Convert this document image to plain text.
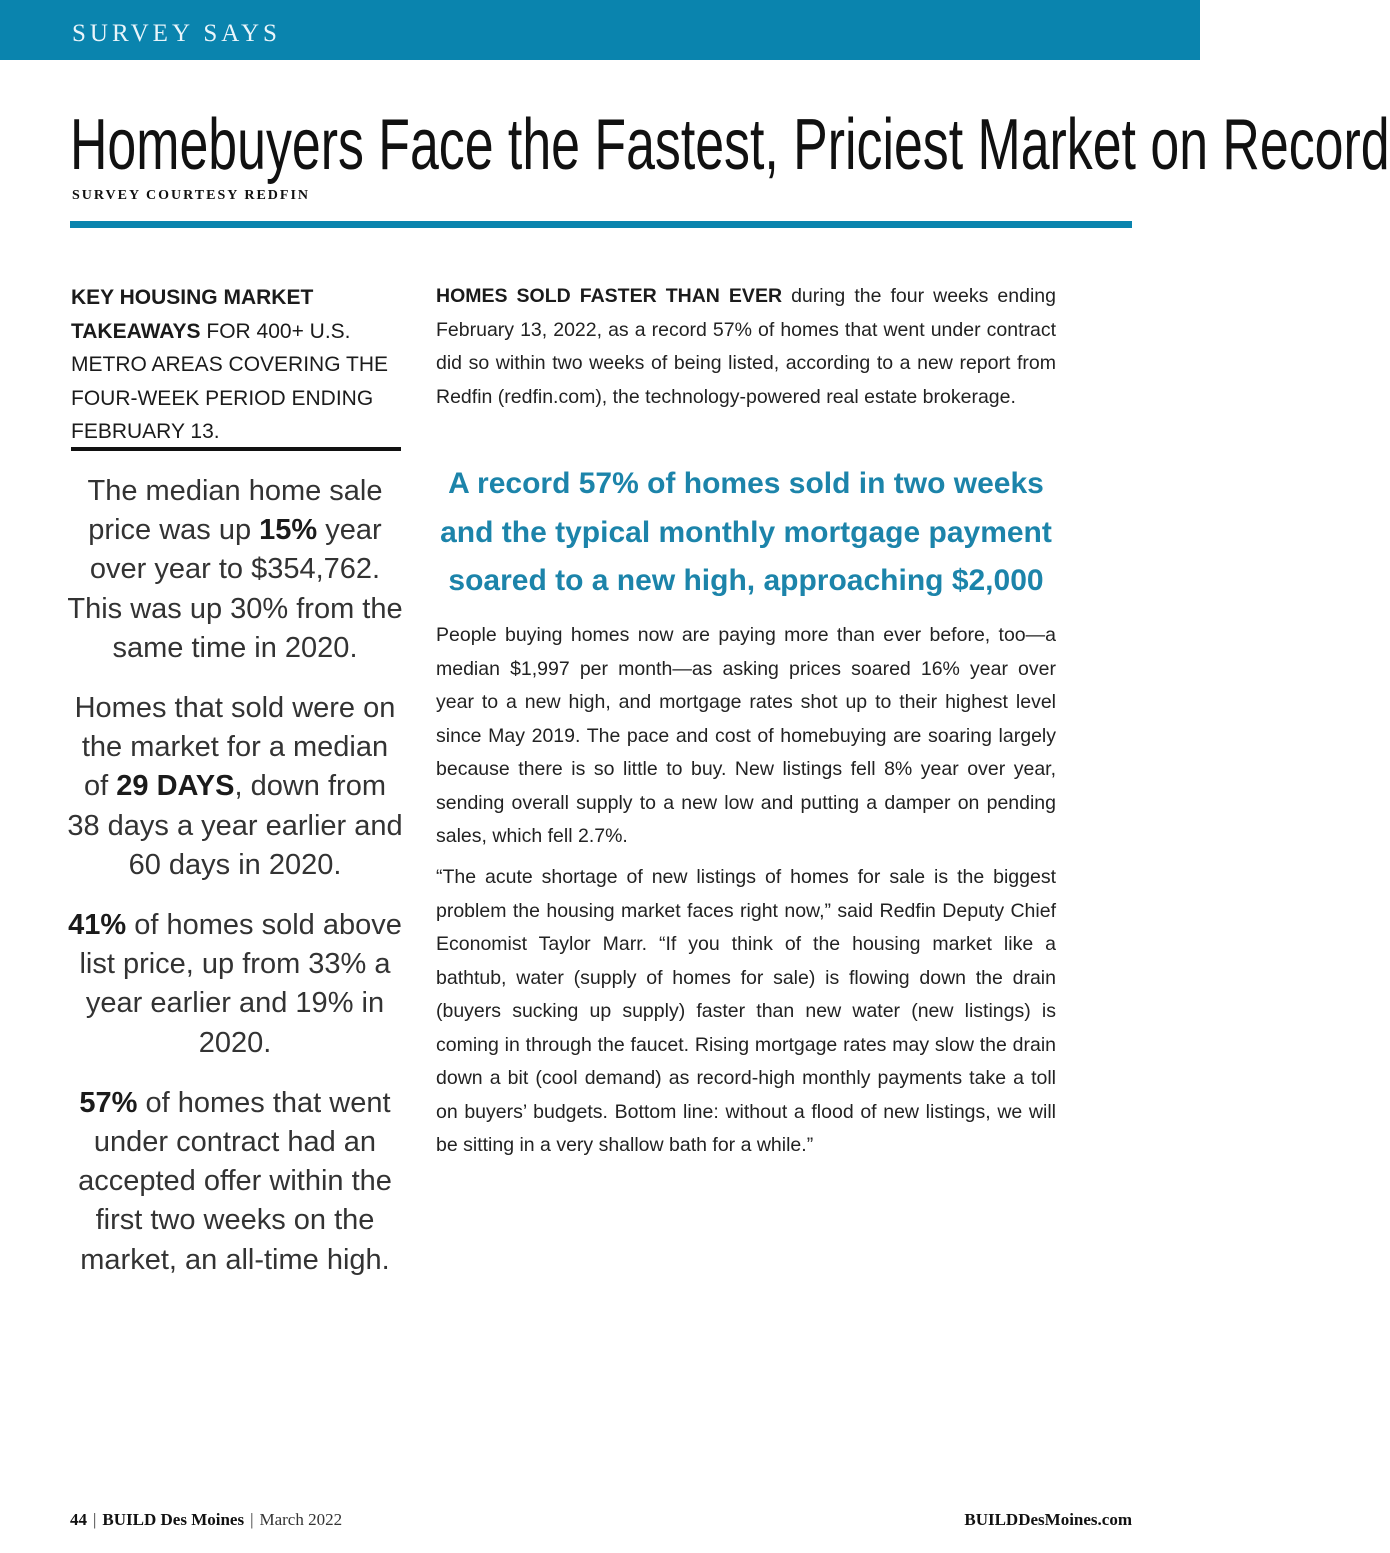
SURVEY SAYS
Homebuyers Face the Fastest, Priciest Market on Record
SURVEY COURTESY REDFIN
KEY HOUSING MARKET TAKEAWAYS FOR 400+ U.S. METRO AREAS COVERING THE FOUR-WEEK PERIOD ENDING FEBRUARY 13.

The median home sale price was up 15% year over year to $354,762. This was up 30% from the same time in 2020.

Homes that sold were on the market for a median of 29 DAYS, down from 38 days a year earlier and 60 days in 2020.

41% of homes sold above list price, up from 33% a year earlier and 19% in 2020.

57% of homes that went under contract had an accepted offer within the first two weeks on the market, an all-time high.

HOMES SOLD FASTER THAN EVER during the four weeks ending February 13, 2022, as a record 57% of homes that went under contract did so within two weeks of being listed, according to a new report from Redfin (redfin.com), the technology-powered real estate brokerage.
A record 57% of homes sold in two weeks and the typical monthly mortgage payment soared to a new high, approaching $2,000
People buying homes now are paying more than ever before, too—a median $1,997 per month—as asking prices soared 16% year over year to a new high, and mortgage rates shot up to their highest level since May 2019. The pace and cost of homebuying are soaring largely because there is so little to buy. New listings fell 8% year over year, sending overall supply to a new low and putting a damper on pending sales, which fell 2.7%.
“The acute shortage of new listings of homes for sale is the biggest problem the housing market faces right now,” said Redfin Deputy Chief Economist Taylor Marr. “If you think of the housing market like a bathtub, water (supply of homes for sale) is flowing down the drain (buyers sucking up supply) faster than new water (new listings) is coming in through the faucet. Rising mortgage rates may slow the drain down a bit (cool demand) as record-high monthly payments take a toll on buyers’ budgets. Bottom line: without a flood of new listings, we will be sitting in a very shallow bath for a while.”
44 | BUILD Des Moines | March 2022	BUILDDesMoines.com
